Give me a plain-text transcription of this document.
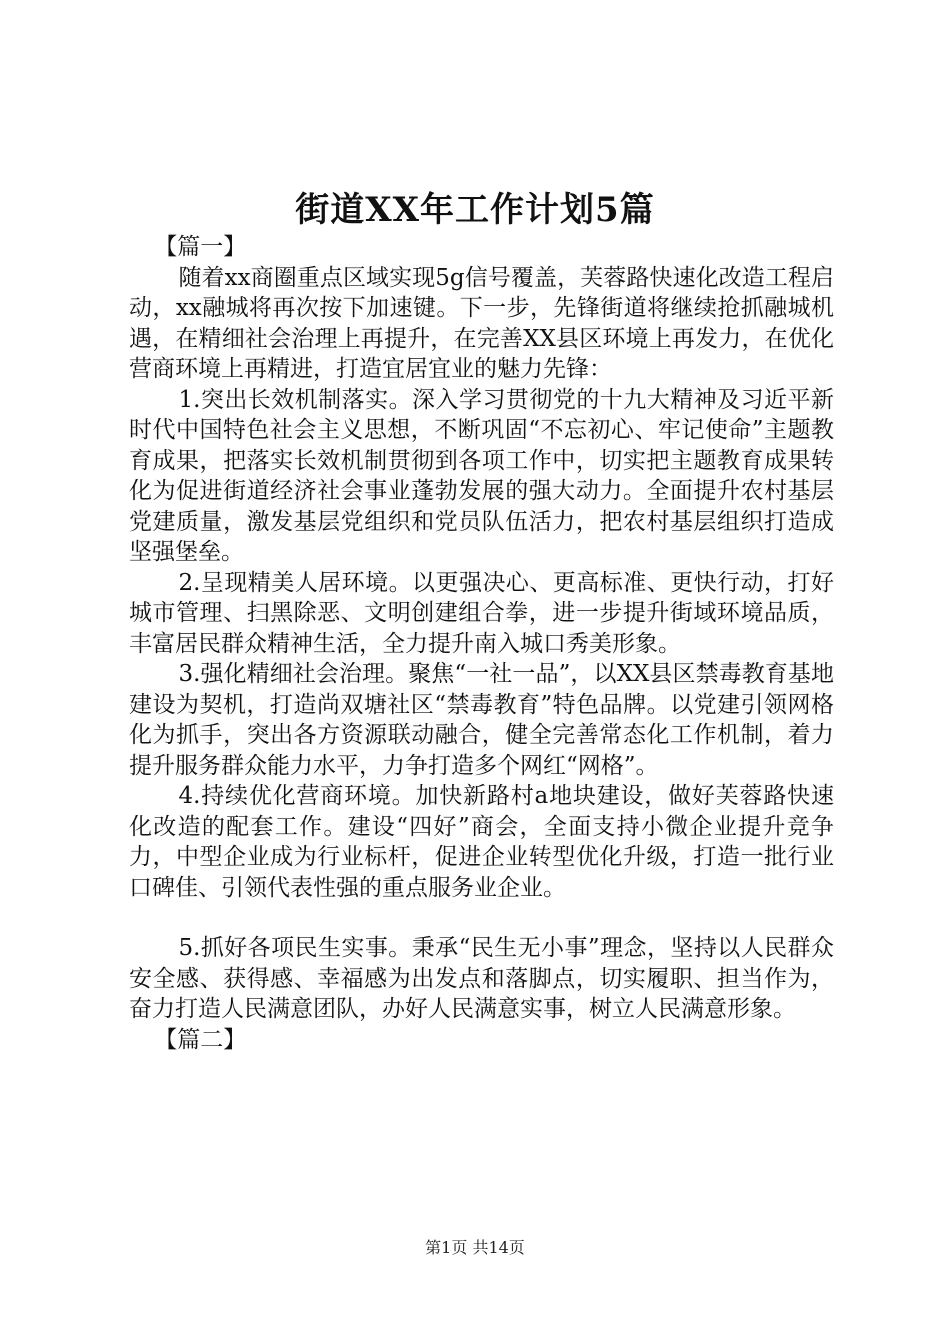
街道XX年工作计划5篇

【篇一】

随着xx商圈重点区域实现5g信号覆盖，芙蓉路快速化改造工程启动，xx融城将再次按下加速键。下一步，先锋街道将继续抢抓融城机遇，在精细社会治理上再提升，在完善XX县区环境上再发力，在优化营商环境上再精进，打造宜居宜业的魅力先锋：

1.突出长效机制落实。深入学习贯彻党的十九大精神及习近平新时代中国特色社会主义思想，不断巩固“不忘初心、牢记使命”主题教育成果，把落实长效机制贯彻到各项工作中，切实把主题教育成果转化为促进街道经济社会事业蓬勃发展的强大动力。全面提升农村基层党建质量，激发基层党组织和党员队伍活力，把农村基层组织打造成坚强堡垒。

2.呈现精美人居环境。以更强决心、更高标准、更快行动，打好城市管理、扫黑除恶、文明创建组合拳，进一步提升街域环境品质，丰富居民群众精神生活，全力提升南入城口秀美形象。

3.强化精细社会治理。聚焦“一社一品”，以XX县区禁毒教育基地建设为契机，打造尚双塘社区“禁毒教育”特色品牌。以党建引领网格化为抓手，突出各方资源联动融合，健全完善常态化工作机制，着力提升服务群众能力水平，力争打造多个网红“网格”。

4.持续优化营商环境。加快新路村a地块建设，做好芙蓉路快速化改造的配套工作。建设“四好”商会，全面支持小微企业提升竞争力，中型企业成为行业标杆，促进企业转型优化升级，打造一批行业口碑佳、引领代表性强的重点服务业企业。

5.抓好各项民生实事。秉承“民生无小事”理念，坚持以人民群众安全感、获得感、幸福感为出发点和落脚点，切实履职、担当作为，奋力打造人民满意团队，办好人民满意实事，树立人民满意形象。

【篇二】

第1页 共14页
